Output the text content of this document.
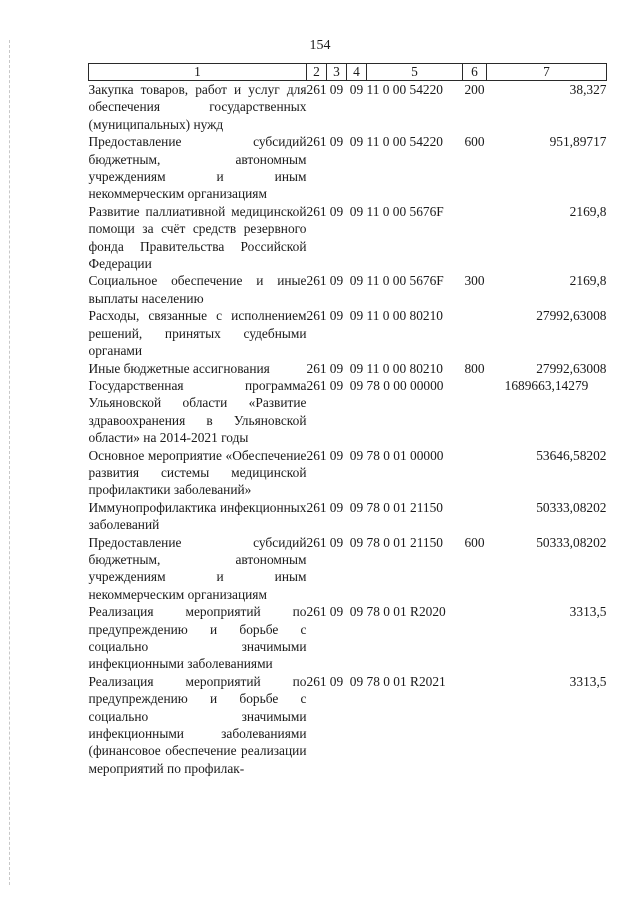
154
1	2	3	4	5	6	7
Закупка товаров, работ и услуг для обеспечения государственных (муниципальных) нужд	261	09	09	11 0 00 54220	200	38,327
Предоставление субсидий бюджетным, автономным учреждениям и иным некоммерческим организациям	261	09	09	11 0 00 54220	600	951,89717
Развитие паллиативной медицинской помощи за счёт средств резервного фонда Правительства Российской Федерации	261	09	09	11 0 00 5676F		2169,8
Социальное обеспечение и иные выплаты населению	261	09	09	11 0 00 5676F	300	2169,8
Расходы, связанные с исполнением решений, принятых судебными органами	261	09	09	11 0 00 80210		27992,63008
Иные бюджетные ассигнования	261	09	09	11 0 00 80210	800	27992,63008
Государственная программа Ульяновской области «Развитие здравоохранения в Ульяновской области» на 2014-2021 годы	261	09	09	78 0 00 00000		1689663,14279
Основное мероприятие «Обеспечение развития системы медицинской профилактики заболеваний»	261	09	09	78 0 01 00000		53646,58202
Иммунопрофилактика инфекционных заболеваний	261	09	09	78 0 01 21150		50333,08202
Предоставление субсидий бюджетным, автономным учреждениям и иным некоммерческим организациям	261	09	09	78 0 01 21150	600	50333,08202
Реализация мероприятий по предупреждению и борьбе с социально значимыми инфекционными заболеваниями	261	09	09	78 0 01 R2020		3313,5
Реализация мероприятий по предупреждению и борьбе с социально значимыми инфекционными заболеваниями (финансовое обеспечение реализации мероприятий по профилак-	261	09	09	78 0 01 R2021		3313,5
